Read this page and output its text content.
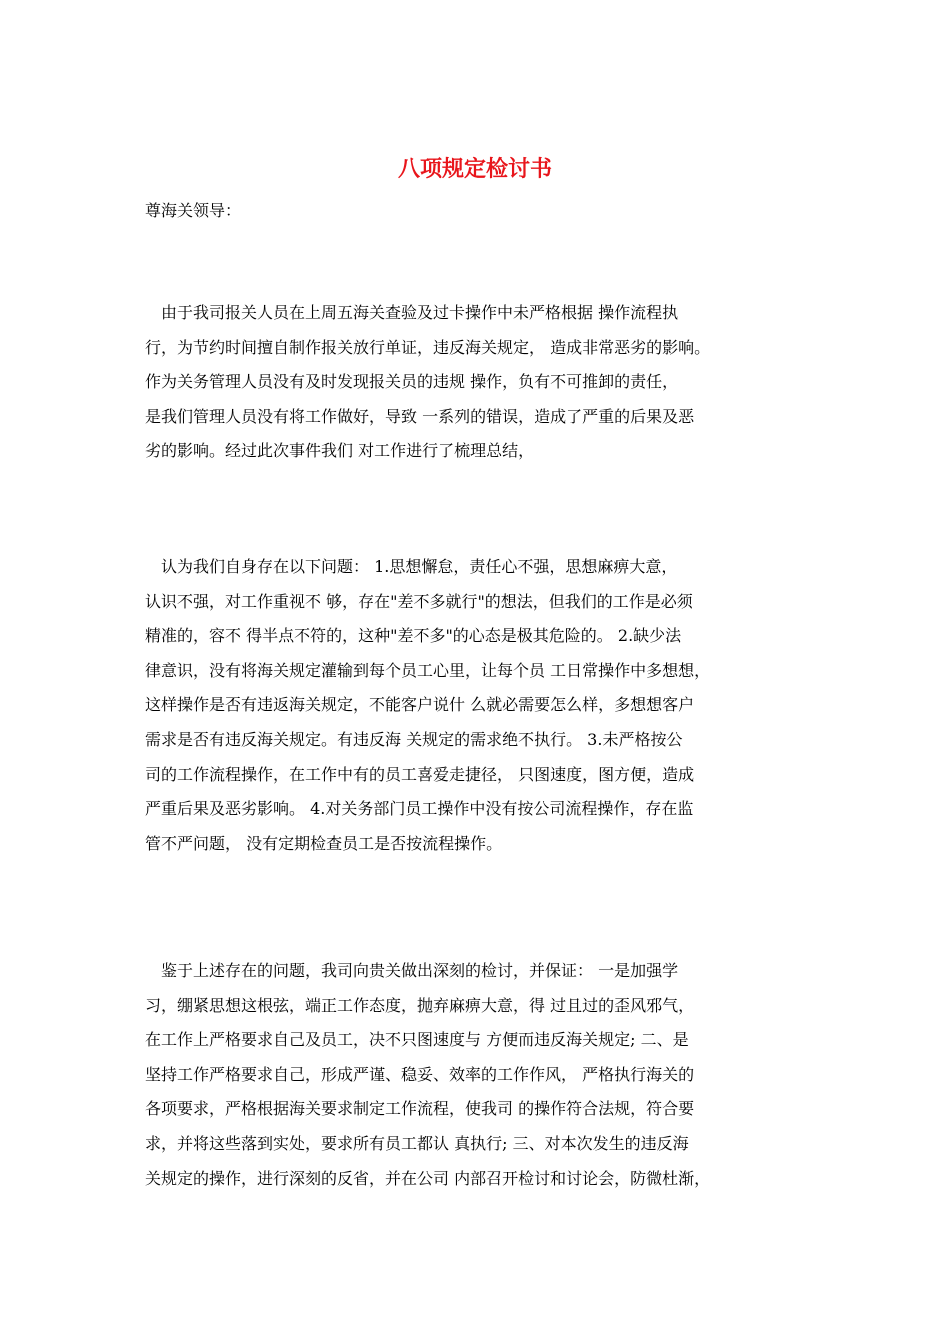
八项规定检讨书

尊海关领导：

　由于我司报关人员在上周五海关查验及过卡操作中未严格根据 操作流程执
行，为节约时间擅自制作报关放行单证，违反海关规定， 造成非常恶劣的影响。
作为关务管理人员没有及时发现报关员的违规 操作，负有不可推卸的责任，
是我们管理人员没有将工作做好，导致 一系列的错误，造成了严重的后果及恶
劣的影响。经过此次事件我们 对工作进行了梳理总结，

　认为我们自身存在以下问题： 1.思想懈怠，责任心不强，思想麻痹大意，
认识不强，对工作重视不 够，存在"差不多就行"的想法，但我们的工作是必须
精准的，容不 得半点不符的，这种"差不多"的心态是极其危险的。 2.缺少法
律意识，没有将海关规定灌输到每个员工心里，让每个员 工日常操作中多想想，
这样操作是否有违返海关规定，不能客户说什 么就必需要怎么样，多想想客户
需求是否有违反海关规定。有违反海 关规定的需求绝不执行。 3.未严格按公
司的工作流程操作，在工作中有的员工喜爱走捷径， 只图速度，图方便，造成
严重后果及恶劣影响。 4.对关务部门员工操作中没有按公司流程操作，存在监
管不严问题， 没有定期检查员工是否按流程操作。

　鉴于上述存在的问题，我司向贵关做出深刻的检讨，并保证： 一是加强学
习，绷紧思想这根弦，端正工作态度，抛弃麻痹大意，得 过且过的歪风邪气，
在工作上严格要求自己及员工，决不只图速度与 方便而违反海关规定; 二、是
坚持工作严格要求自己，形成严谨、稳妥、效率的工作作风， 严格执行海关的
各项要求，严格根据海关要求制定工作流程，使我司 的操作符合法规，符合要
求，并将这些落到实处，要求所有员工都认 真执行; 三、对本次发生的违反海
关规定的操作，进行深刻的反省，并在公司 内部召开检讨和讨论会，防微杜渐，
